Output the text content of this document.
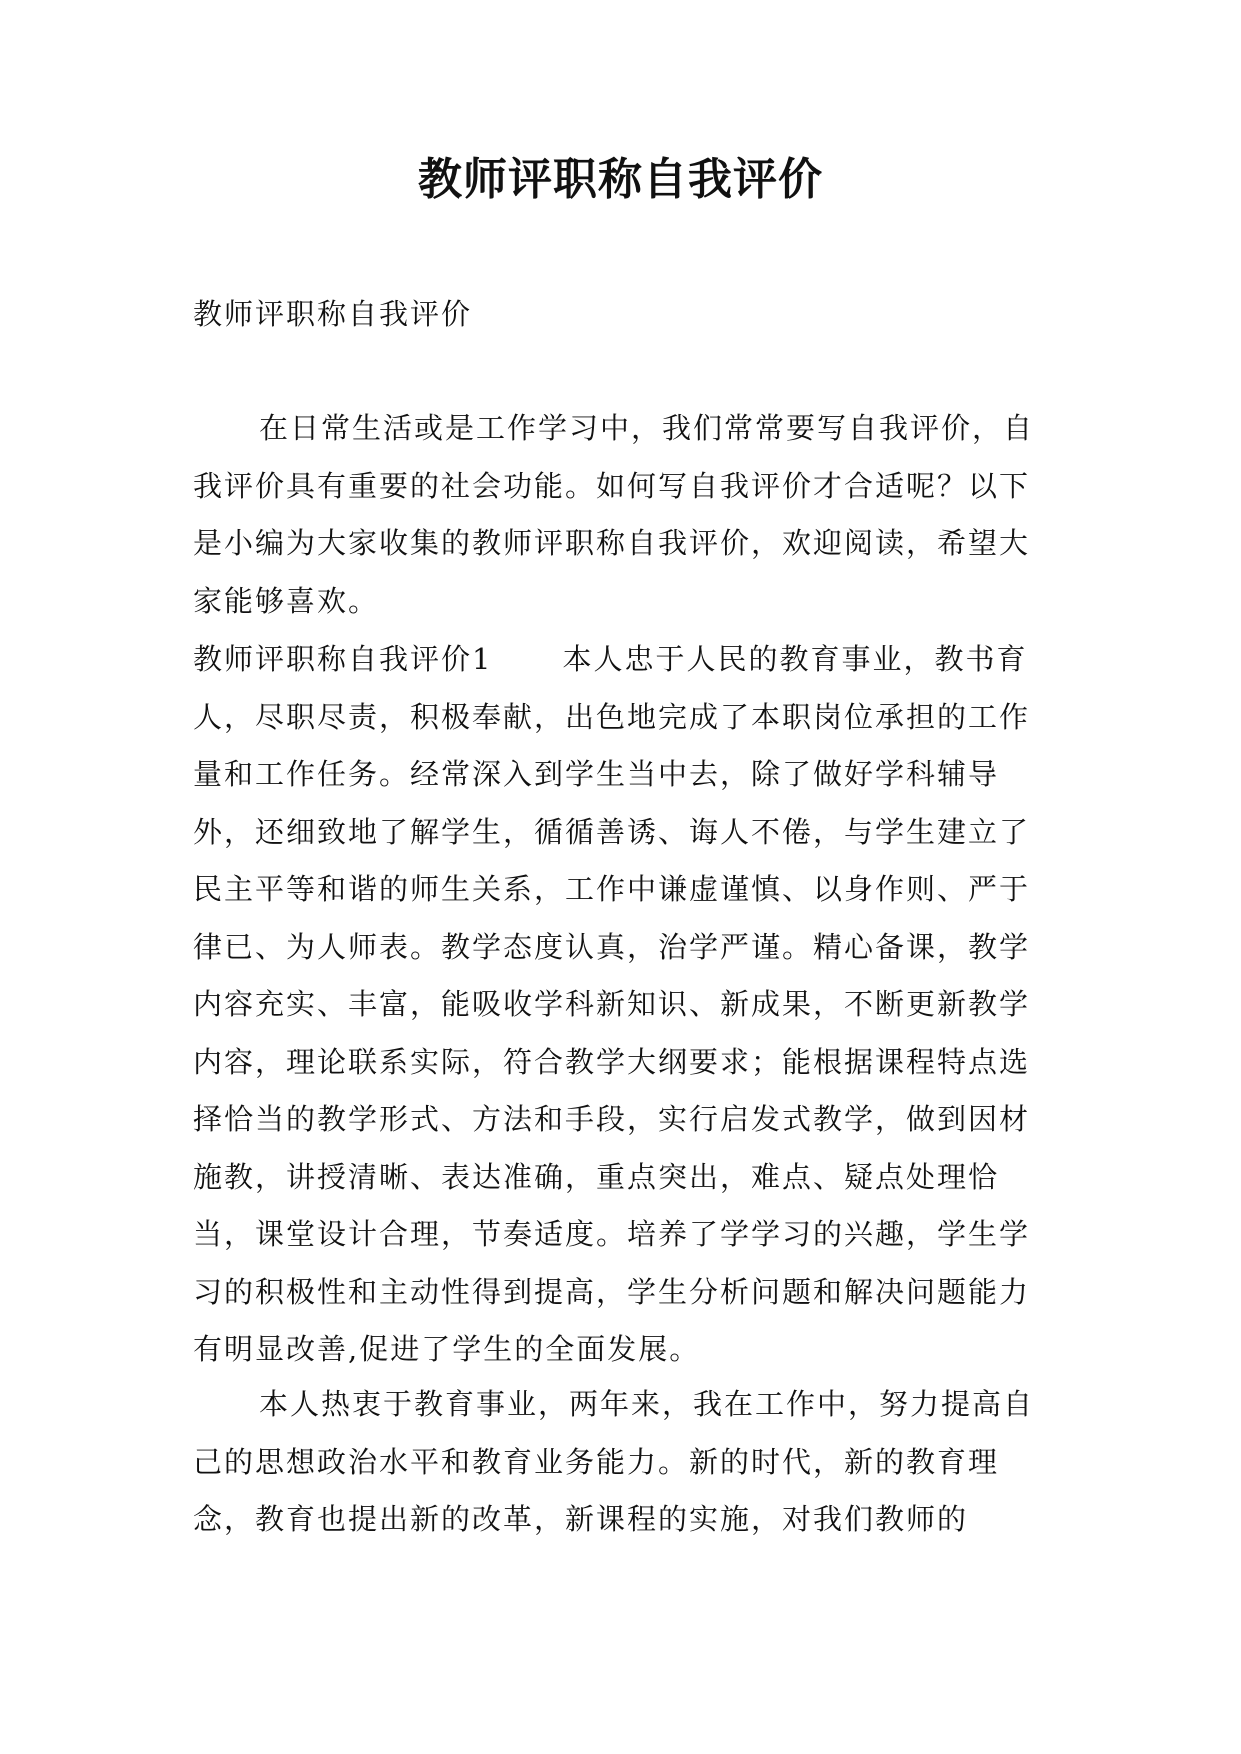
教师评职称自我评价

教师评职称自我评价

在日常生活或是工作学习中，我们常常要写自我评价，自我评价具有重要的社会功能。如何写自我评价才合适呢？以下是小编为大家收集的教师评职称自我评价，欢迎阅读，希望大家能够喜欢。

教师评职称自我评价1 本人忠于人民的教育事业，教书育人，尽职尽责，积极奉献，出色地完成了本职岗位承担的工作量和工作任务。经常深入到学生当中去，除了做好学科辅导外，还细致地了解学生，循循善诱、诲人不倦，与学生建立了民主平等和谐的师生关系，工作中谦虚谨慎、以身作则、严于律已、为人师表。教学态度认真，治学严谨。精心备课，教学内容充实、丰富，能吸收学科新知识、新成果，不断更新教学内容，理论联系实际，符合教学大纲要求；能根据课程特点选择恰当的教学形式、方法和手段，实行启发式教学，做到因材施教，讲授清晰、表达准确，重点突出，难点、疑点处理恰当，课堂设计合理，节奏适度。培养了学学习的兴趣，学生学习的积极性和主动性得到提高，学生分析问题和解决问题能力有明显改善,促进了学生的全面发展。

本人热衷于教育事业，两年来，我在工作中，努力提高自己的思想政治水平和教育业务能力。新的时代，新的教育理念，教育也提出新的改革，新课程的实施，对我们教师的
